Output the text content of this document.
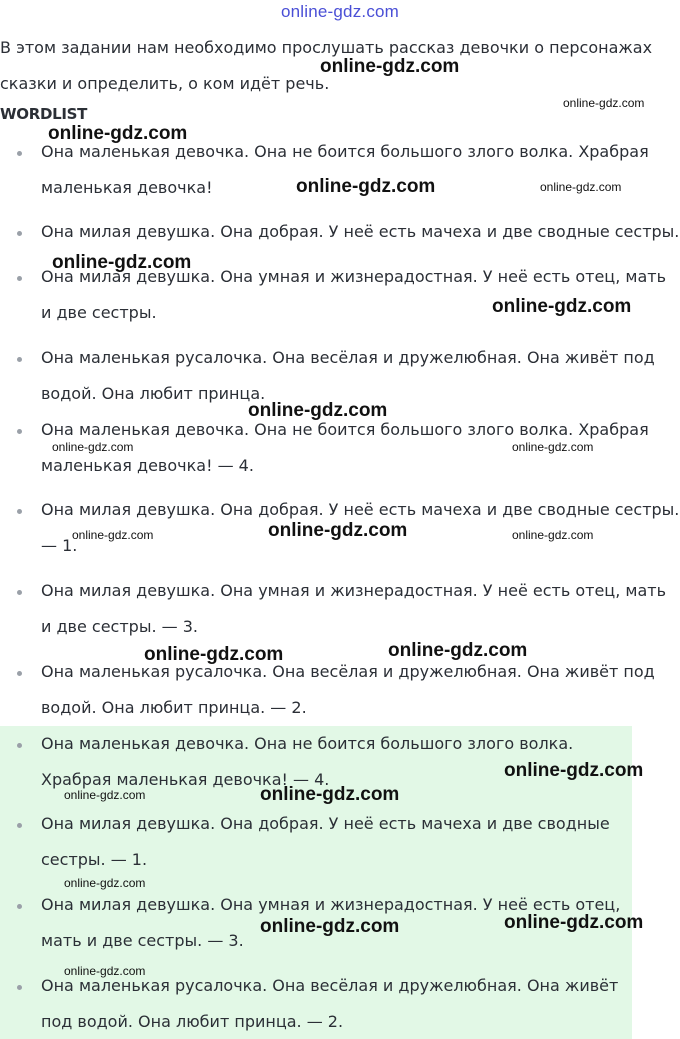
online-gdz.com
В этом задании нам необходимо прослушать рассказ девочки о персонажах сказки и определить, о ком идёт речь.
WORDLIST
Она маленькая девочка. Она не боится большого злого волка. Храбрая маленькая девочка!
Она милая девушка. Она добрая. У неё есть мачеха и две сводные сестры.
Она милая девушка. Она умная и жизнерадостная. У неё есть отец, мать и две сестры.
Она маленькая русалочка. Она весёлая и дружелюбная. Она живёт под водой. Она любит принца.
Она маленькая девочка. Она не боится большого злого волка. Храбрая маленькая девочка! — 4.
Она милая девушка. Она добрая. У неё есть мачеха и две сводные сестры. — 1.
Она милая девушка. Она умная и жизнерадостная. У неё есть отец, мать и две сестры. — 3.
Она маленькая русалочка. Она весёлая и дружелюбная. Она живёт под водой. Она любит принца. — 2.
Она маленькая девочка. Она не боится большого злого волка. Храбрая маленькая девочка! — 4.
Она милая девушка. Она добрая. У неё есть мачеха и две сводные сестры. — 1.
Она милая девушка. Она умная и жизнерадостная. У неё есть отец, мать и две сестры. — 3.
Она маленькая русалочка. Она весёлая и дружелюбная. Она живёт под водой. Она любит принца. — 2.
online-gdz.com
online-gdz.com
online-gdz.com
online-gdz.com	online-gdz.com
online-gdz.com
online-gdz.com
online-gdz.com
online-gdz.com	online-gdz.com
online-gdz.com	online-gdz.com	online-gdz.com
online-gdz.com	online-gdz.com
online-gdz.com
online-gdz.com	online-gdz.com
online-gdz.com
online-gdz.com
online-gdz.com
online-gdz.com
